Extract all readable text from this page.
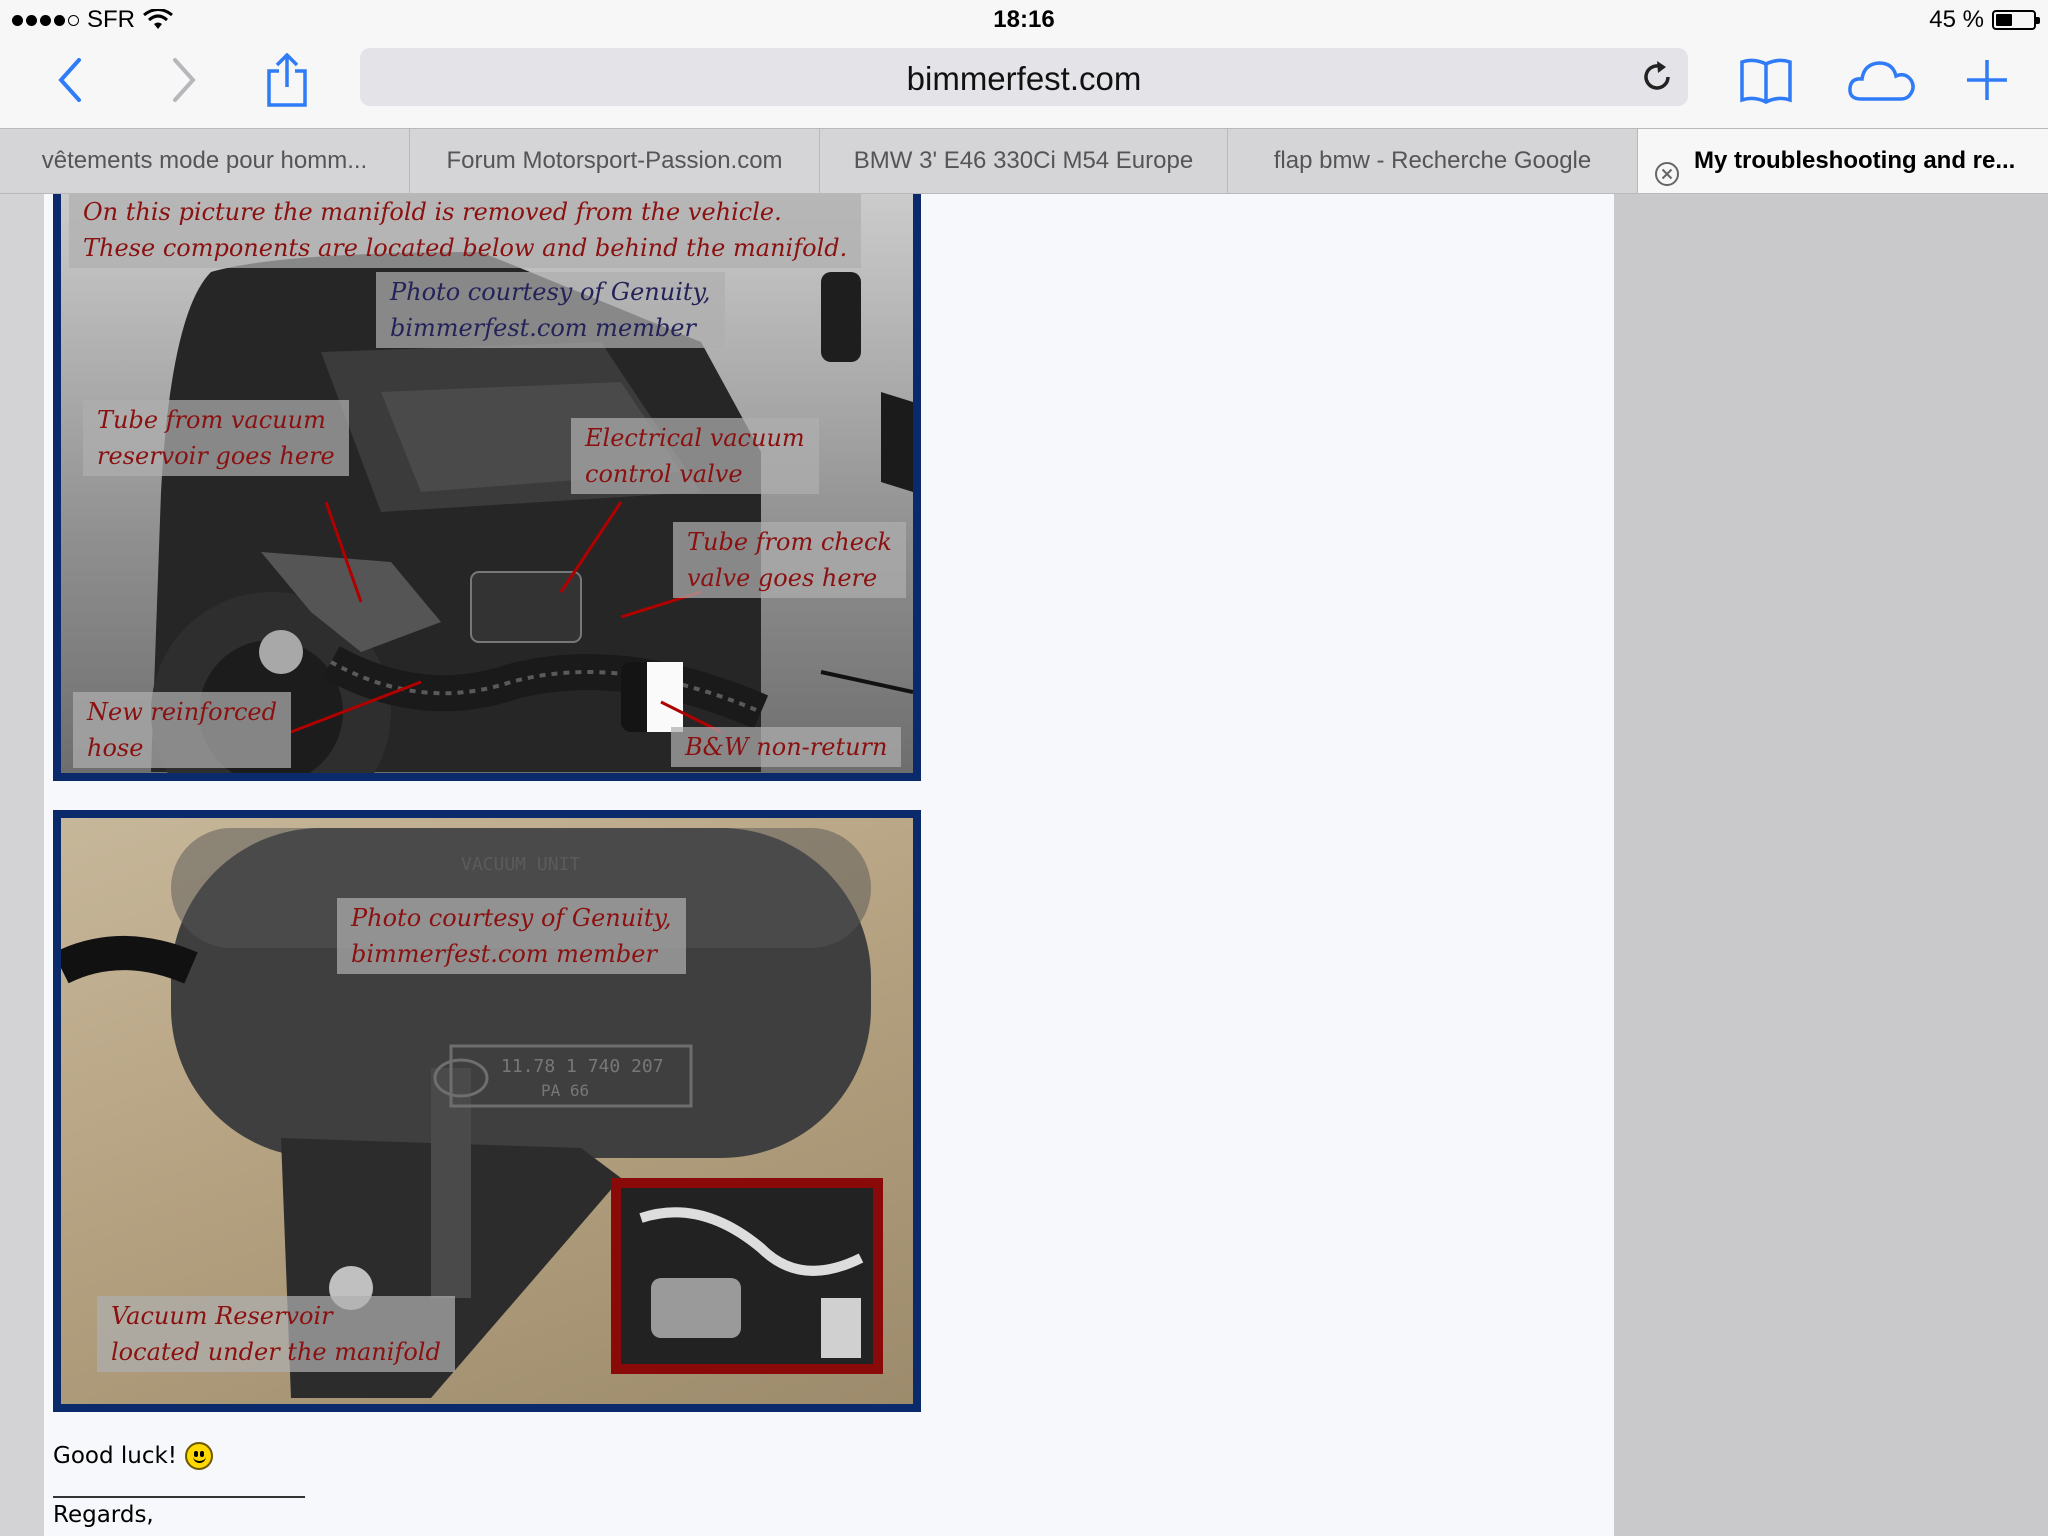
SFR	18:16	45 %
bimmerfest.com
vêtements mode pour homm...	Forum Motorsport-Passion.com	BMW 3' E46 330Ci M54 Europe	flap bmw - Recherche Google	My troubleshooting and re...
On this picture the manifold is removed from the vehicle.
These components are located below and behind the manifold.
Photo courtesy of Genuity,
bimmerfest.com member
Tube from vacuum
reservoir goes here
Electrical vacuum
control valve
Tube from check
valve goes here
New reinforced
hose	B&W non-return
11.78 1 740 207
PA 66
VACUUM UNIT
Photo courtesy of Genuity,
bimmerfest.com member
Vacuum Reservoir
located under the manifold
Good luck!
Regards,
